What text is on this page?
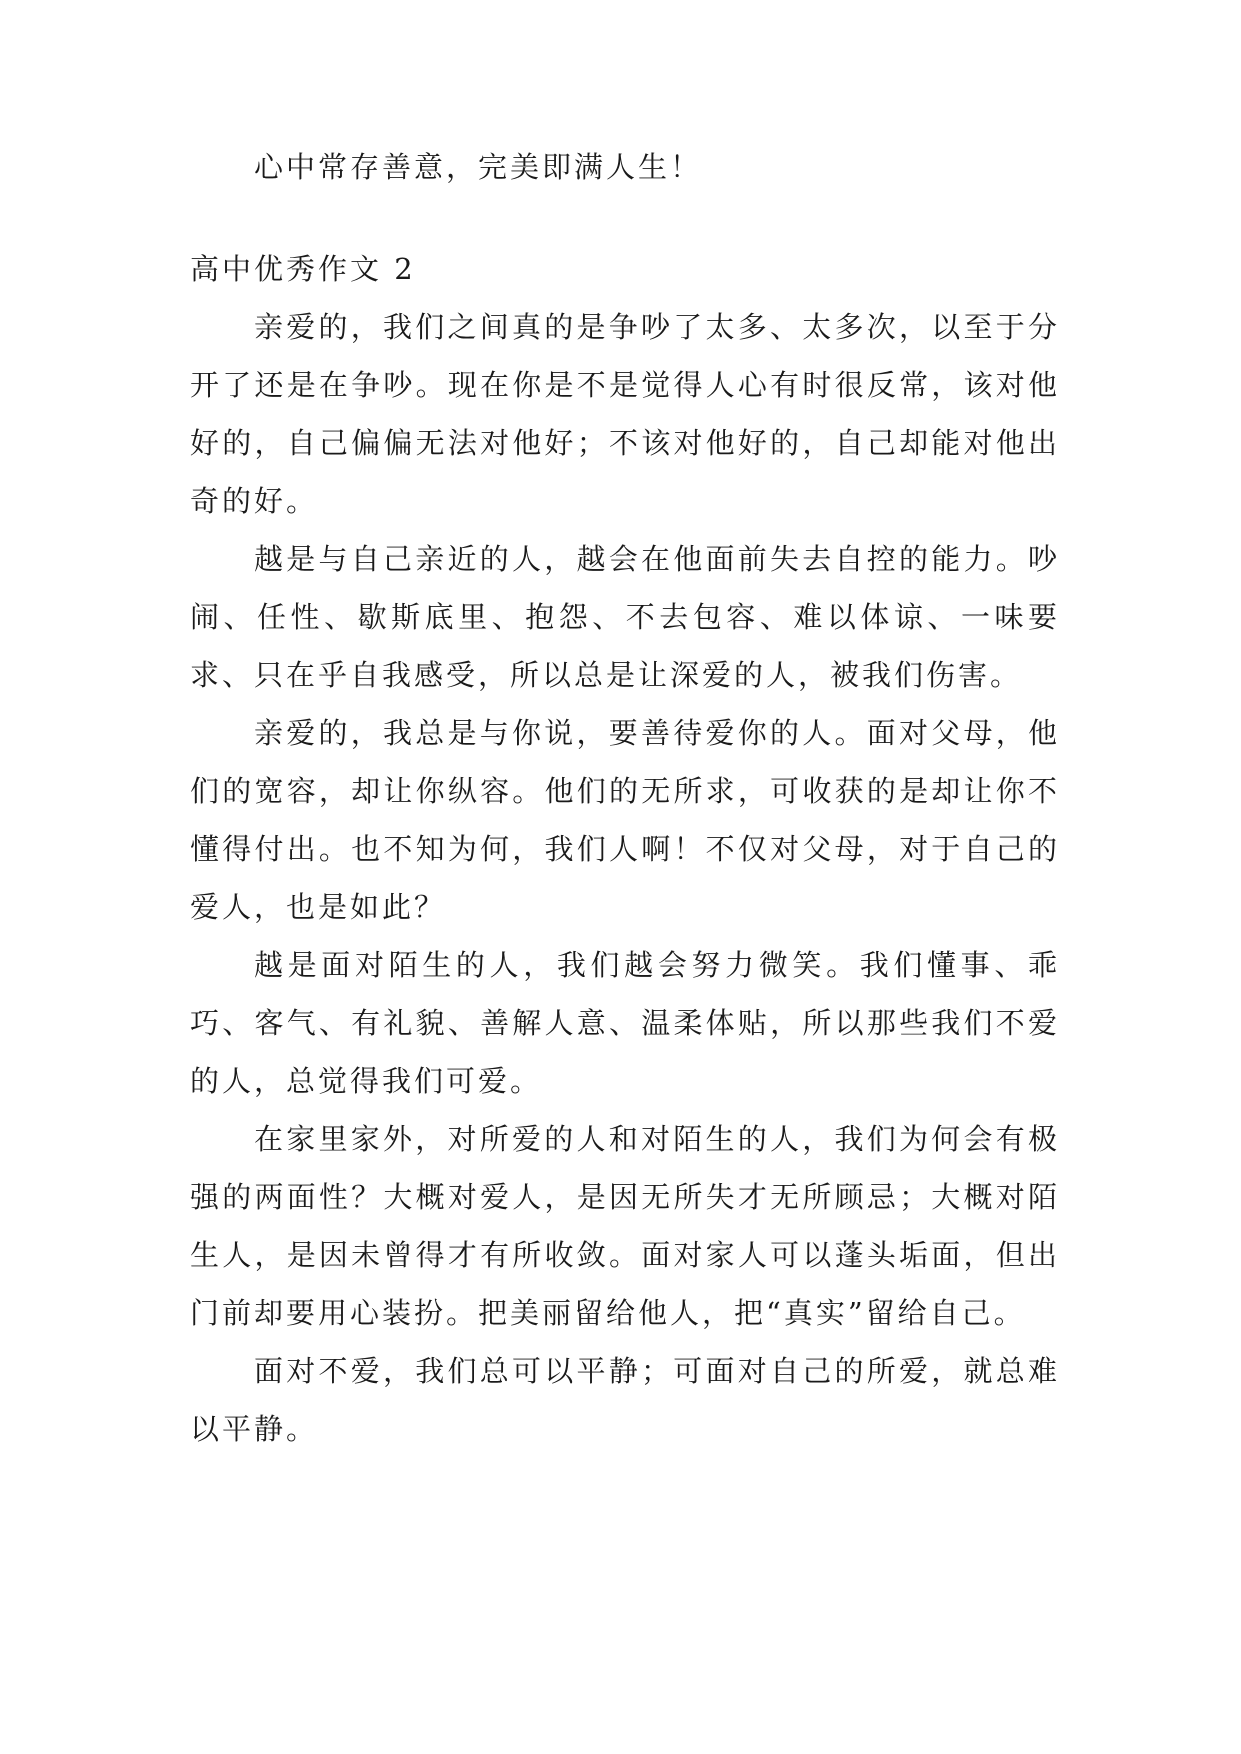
心中常存善意，完美即满人生！

高中优秀作文 2

亲爱的，我们之间真的是争吵了太多、太多次，以至于分开了还是在争吵。现在你是不是觉得人心有时很反常，该对他好的，自己偏偏无法对他好；不该对他好的，自己却能对他出奇的好。

越是与自己亲近的人，越会在他面前失去自控的能力。吵闹、任性、歇斯底里、抱怨、不去包容、难以体谅、一味要求、只在乎自我感受，所以总是让深爱的人，被我们伤害。

亲爱的，我总是与你说，要善待爱你的人。面对父母，他们的宽容，却让你纵容。他们的无所求，可收获的是却让你不懂得付出。也不知为何，我们人啊！不仅对父母，对于自己的爱人，也是如此？

越是面对陌生的人，我们越会努力微笑。我们懂事、乖巧、客气、有礼貌、善解人意、温柔体贴，所以那些我们不爱的人，总觉得我们可爱。

在家里家外，对所爱的人和对陌生的人，我们为何会有极强的两面性？大概对爱人，是因无所失才无所顾忌；大概对陌生人，是因未曾得才有所收敛。面对家人可以蓬头垢面，但出门前却要用心装扮。把美丽留给他人，把“真实”留给自己。

面对不爱，我们总可以平静；可面对自己的所爱，就总难以平静。
